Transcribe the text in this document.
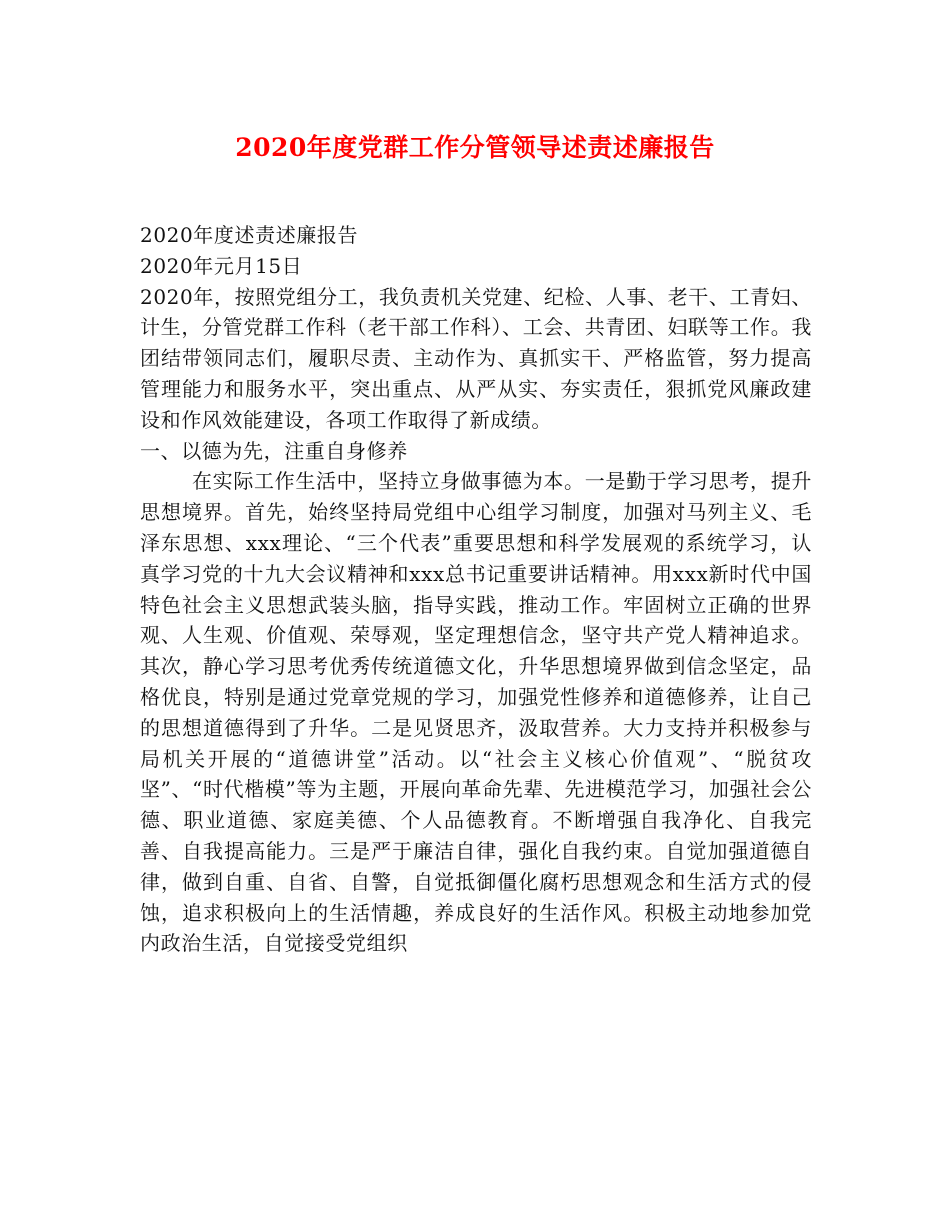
2020年度党群工作分管领导述责述廉报告

2020年度述责述廉报告

2020年元月15日

2020年，按照党组分工，我负责机关党建、纪检、人事、老干、工青妇、计生，分管党群工作科（老干部工作科）、工会、共青团、妇联等工作。我团结带领同志们，履职尽责、主动作为、真抓实干、严格监管，努力提高管理能力和服务水平，突出重点、从严从实、夯实责任，狠抓党风廉政建设和作风效能建设，各项工作取得了新成绩。

一、以德为先，注重自身修养

在实际工作生活中，坚持立身做事德为本。一是勤于学习思考，提升思想境界。首先，始终坚持局党组中心组学习制度，加强对马列主义、毛泽东思想、xxx理论、“三个代表”重要思想和科学发展观的系统学习，认真学习党的十九大会议精神和xxx总书记重要讲话精神。用xxx新时代中国特色社会主义思想武装头脑，指导实践，推动工作。牢固树立正确的世界观、人生观、价值观、荣辱观，坚定理想信念，坚守共产党人精神追求。其次，静心学习思考优秀传统道德文化，升华思想境界做到信念坚定，品格优良，特别是通过党章党规的学习，加强党性修养和道德修养，让自己的思想道德得到了升华。二是见贤思齐，汲取营养。大力支持并积极参与局机关开展的“道德讲堂”活动。以“社会主义核心价值观”、“脱贫攻坚”、“时代楷模”等为主题，开展向革命先辈、先进模范学习，加强社会公德、职业道德、家庭美德、个人品德教育。不断增强自我净化、自我完善、自我提高能力。三是严于廉洁自律，强化自我约束。自觉加强道德自律，做到自重、自省、自警，自觉抵御僵化腐朽思想观念和生活方式的侵蚀，追求积极向上的生活情趣，养成良好的生活作风。积极主动地参加党内政治生活，自觉接受党组织
